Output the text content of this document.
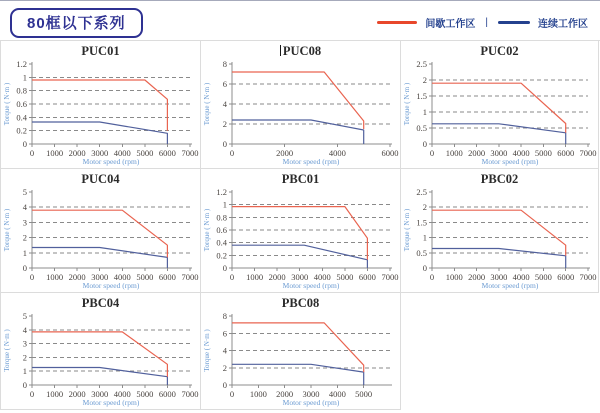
80框以下系列	间歇工作区 |	连续工作区
PUC01
0 1000 2000 3000 4000 5000 6000 7000
0
0.2
0.4
0.6
0.8
1
1.2
Motor speed (rpm)
Torque ( N·m )
PUC08
0	2000	4000	6000
0
2
4
6
8
Motor speed (rpm)
Torque ( N·m )
PUC02
0 1000 2000 3000 4000 5000 6000 7000
0
0.5
1
1.5
2
2.5
Motor speed (rpm)
Torque ( N·m )
PUC04
0 1000 2000 3000 4000 5000 6000 7000
0
1
2
3
4
5
Motor speed (rpm)
Torque ( N·m )
PBC01
0 1000 2000 3000 4000 5000 6000 7000
0
0.2
0.4
0.6
0.8
1
1.2
Motor speed (rpm)
Torque ( N·m )
PBC02
0 1000 2000 3000 4000 5000 6000 7000
0
0.5
1
1.5
2
2.5
Motor speed (rpm)
Torque ( N·m )
PBC04
0 1000 2000 3000 4000 5000 6000 7000
0
1
2
3
4
5
Motor speed (rpm)
Torque ( N·m )
PBC08
0 1000 2000 3000 4000 5000
0
2
4
6
8
Motor speed (rpm)
Torque ( N·m )
